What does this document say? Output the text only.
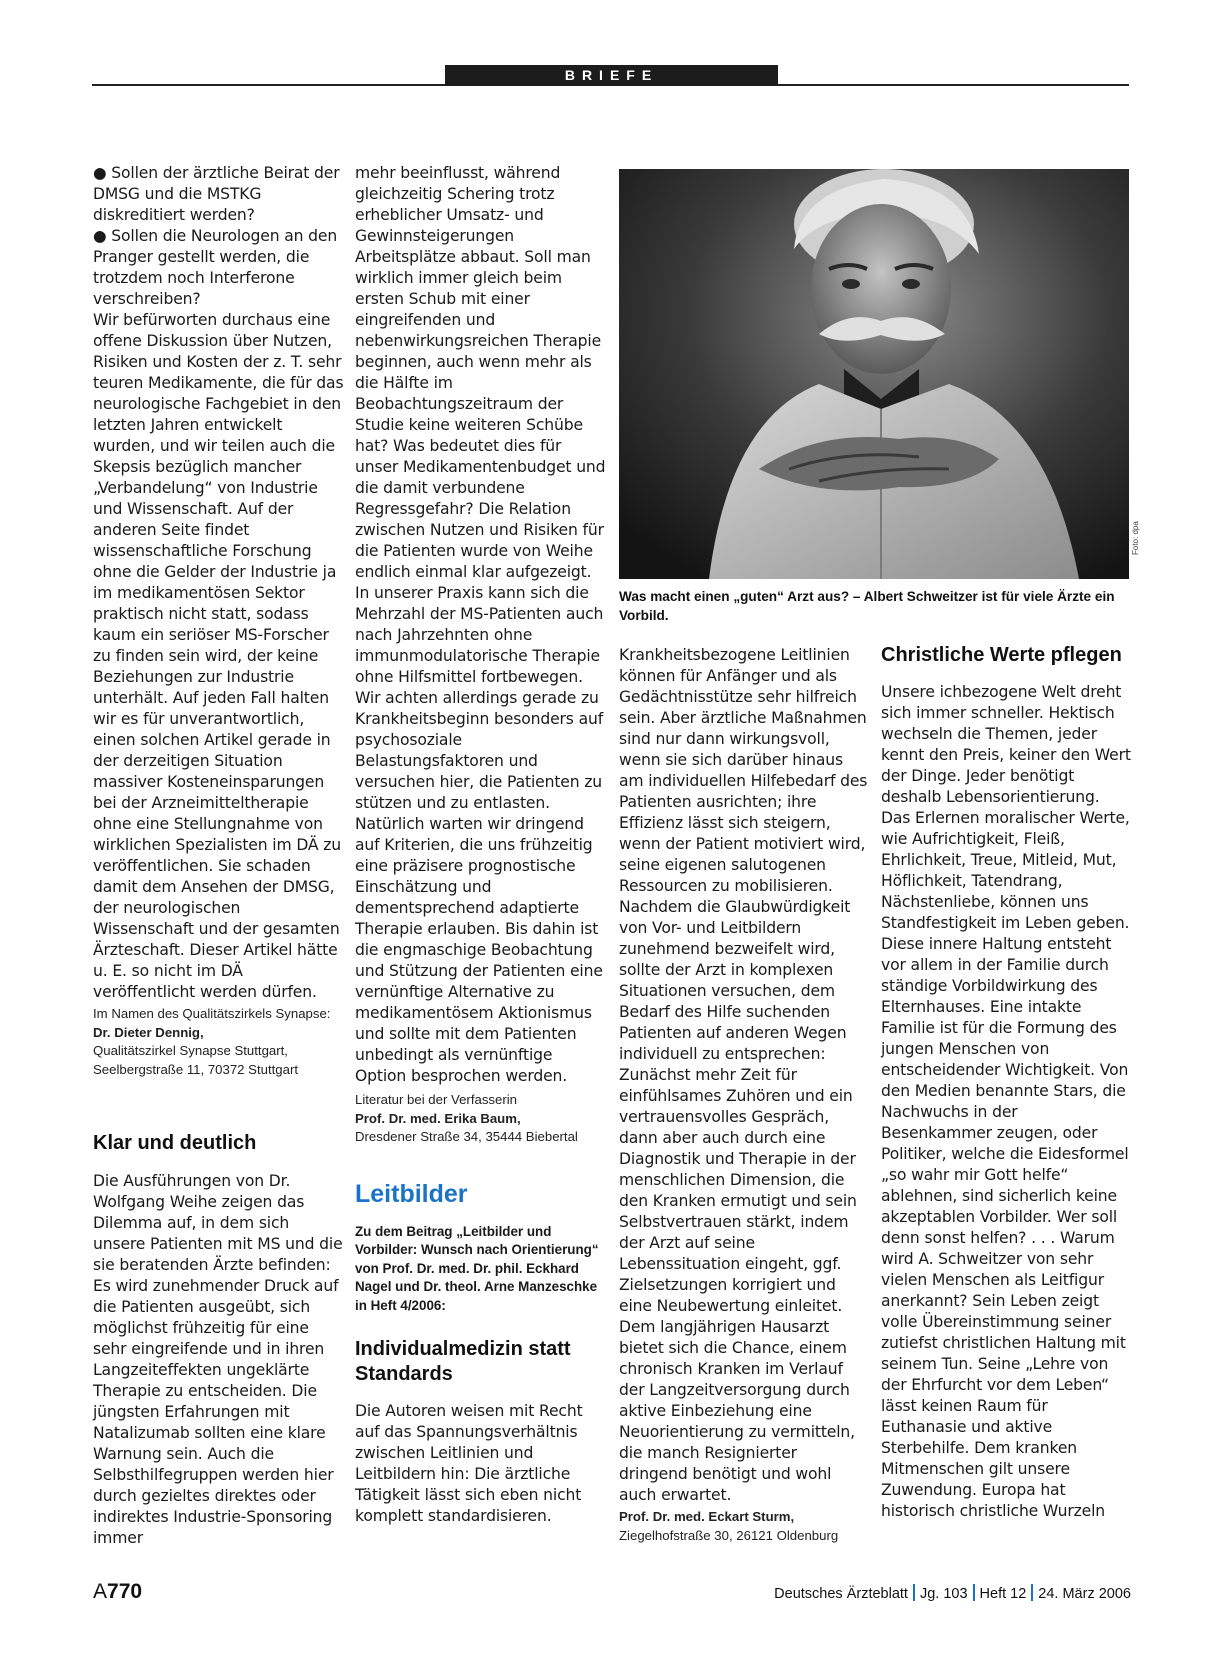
BRIEFE

● Sollen der ärztliche Beirat der DMSG und die MSTKG diskreditiert werden?

● Sollen die Neurologen an den Pranger gestellt werden, die trotzdem noch Interferone verschreiben?

Wir befürworten durchaus eine offene Diskussion über Nutzen, Risiken und Kosten der z. T. sehr teuren Medikamente, die für das neurologische Fachgebiet in den letzten Jahren entwickelt wurden, und wir teilen auch die Skepsis bezüglich mancher „Verbandelung“ von Industrie und Wissenschaft. Auf der anderen Seite findet wissenschaftliche Forschung ohne die Gelder der Industrie ja im medikamentösen Sektor praktisch nicht statt, sodass kaum ein seriöser MS-Forscher zu finden sein wird, der keine Beziehungen zur Industrie unterhält. Auf jeden Fall halten wir es für unverantwortlich, einen solchen Artikel gerade in der derzeitigen Situation massiver Kosteneinsparungen bei der Arzneimitteltherapie ohne eine Stellungnahme von wirklichen Spezialisten im DÄ zu veröffentlichen. Sie schaden damit dem Ansehen der DMSG, der neurologischen Wissenschaft und der gesamten Ärzteschaft. Dieser Artikel hätte u. E. so nicht im DÄ veröffentlicht werden dürfen.

Im Namen des Qualitätszirkels Synapse:
Dr. Dieter Dennig,
Qualitätszirkel Synapse Stuttgart,
Seelbergstraße 11, 70372 Stuttgart
Klar und deutlich
Die Ausführungen von Dr. Wolfgang Weihe zeigen das Dilemma auf, in dem sich unsere Patienten mit MS und die sie beratenden Ärzte befinden: Es wird zunehmender Druck auf die Patienten ausgeübt, sich möglichst frühzeitig für eine sehr eingreifende und in ihren Langzeiteffekten ungeklärte Therapie zu entscheiden. Die jüngsten Erfahrungen mit Natalizumab sollten eine klare Warnung sein. Auch die Selbsthilfegruppen werden hier durch gezieltes direktes oder indirektes Industrie-Sponsoring immer
mehr beeinflusst, während gleichzeitig Schering trotz erheblicher Umsatz- und Gewinnsteigerungen Arbeitsplätze abbaut. Soll man wirklich immer gleich beim ersten Schub mit einer eingreifenden und nebenwirkungsreichen Therapie beginnen, auch wenn mehr als die Hälfte im Beobachtungszeitraum der Studie keine weiteren Schübe hat? Was bedeutet dies für unser Medikamentenbudget und die damit verbundene Regressgefahr? Die Relation zwischen Nutzen und Risiken für die Patienten wurde von Weihe endlich einmal klar aufgezeigt.
In unserer Praxis kann sich die Mehrzahl der MS-Patienten auch nach Jahrzehnten ohne immunmodulatorische Therapie ohne Hilfsmittel fortbewegen. Wir achten allerdings gerade zu Krankheitsbeginn besonders auf psychosoziale Belastungsfaktoren und versuchen hier, die Patienten zu stützen und zu entlasten. Natürlich warten wir dringend auf Kriterien, die uns frühzeitig eine präzisere prognostische Einschätzung und dementsprechend adaptierte Therapie erlauben. Bis dahin ist die engmaschige Beobachtung und Stützung der Patienten eine vernünftige Alternative zu medikamentösem Aktionismus und sollte mit dem Patienten unbedingt als vernünftige Option besprochen werden.
Literatur bei der Verfasserin
Prof. Dr. med. Erika Baum,
Dresdener Straße 34, 35444 Biebertal
Leitbilder
Zu dem Beitrag „Leitbilder und Vorbilder: Wunsch nach Orientierung“ von Prof. Dr. med. Dr. phil. Eckhard Nagel und Dr. theol. Arne Manzeschke in Heft 4/2006:
Individualmedizin statt Standards
Die Autoren weisen mit Recht auf das Spannungsverhältnis zwischen Leitlinien und Leitbildern hin: Die ärztliche Tätigkeit lässt sich eben nicht komplett standardisieren.
Foto: dpa
Was macht einen „guten“ Arzt aus? – Albert Schweitzer ist für viele Ärzte ein Vorbild.
Krankheitsbezogene Leitlinien können für Anfänger und als Gedächtnisstütze sehr hilfreich sein. Aber ärztliche Maßnahmen sind nur dann wirkungsvoll, wenn sie sich darüber hinaus am individuellen Hilfebedarf des Patienten ausrichten; ihre Effizienz lässt sich steigern, wenn der Patient motiviert wird, seine eigenen salutogenen Ressourcen zu mobilisieren. Nachdem die Glaubwürdigkeit von Vor- und Leitbildern zunehmend bezweifelt wird, sollte der Arzt in komplexen Situationen versuchen, dem Bedarf des Hilfe suchenden Patienten auf anderen Wegen individuell zu entsprechen: Zunächst mehr Zeit für einfühlsames Zuhören und ein vertrauensvolles Gespräch, dann aber auch durch eine Diagnostik und Therapie in der menschlichen Dimension, die den Kranken ermutigt und sein Selbstvertrauen stärkt, indem der Arzt auf seine Lebenssituation eingeht, ggf. Zielsetzungen korrigiert und eine Neubewertung einleitet. Dem langjährigen Hausarzt bietet sich die Chance, einem chronisch Kranken im Verlauf der Langzeitversorgung durch aktive Einbeziehung eine Neuorientierung zu vermitteln, die manch Resignierter dringend benötigt und wohl auch erwartet.
Prof. Dr. med. Eckart Sturm,
Ziegelhofstraße 30, 26121 Oldenburg
Christliche Werte pflegen
Unsere ichbezogene Welt dreht sich immer schneller. Hektisch wechseln die Themen, jeder kennt den Preis, keiner den Wert der Dinge. Jeder benötigt deshalb Lebensorientierung. Das Erlernen moralischer Werte, wie Aufrichtigkeit, Fleiß, Ehrlichkeit, Treue, Mitleid, Mut, Höflichkeit, Tatendrang, Nächstenliebe, können uns Standfestigkeit im Leben geben. Diese innere Haltung entsteht vor allem in der Familie durch ständige Vorbildwirkung des Elternhauses. Eine intakte Familie ist für die Formung des jungen Menschen von entscheidender Wichtigkeit. Von den Medien benannte Stars, die Nachwuchs in der Besenkammer zeugen, oder Politiker, welche die Eidesformel „so wahr mir Gott helfe“ ablehnen, sind sicherlich keine akzeptablen Vorbilder. Wer soll denn sonst helfen? . . . Warum wird A. Schweitzer von sehr vielen Menschen als Leitfigur anerkannt? Sein Leben zeigt volle Übereinstimmung seiner zutiefst christlichen Haltung mit seinem Tun. Seine „Lehre von der Ehrfurcht vor dem Leben“ lässt keinen Raum für Euthanasie und aktive Sterbehilfe. Dem kranken Mitmenschen gilt unsere Zuwendung. Europa hat historisch christliche Wurzeln
A770	Deutsches Ärzteblatt Jg. 103 Heft 12 24. März 2006
